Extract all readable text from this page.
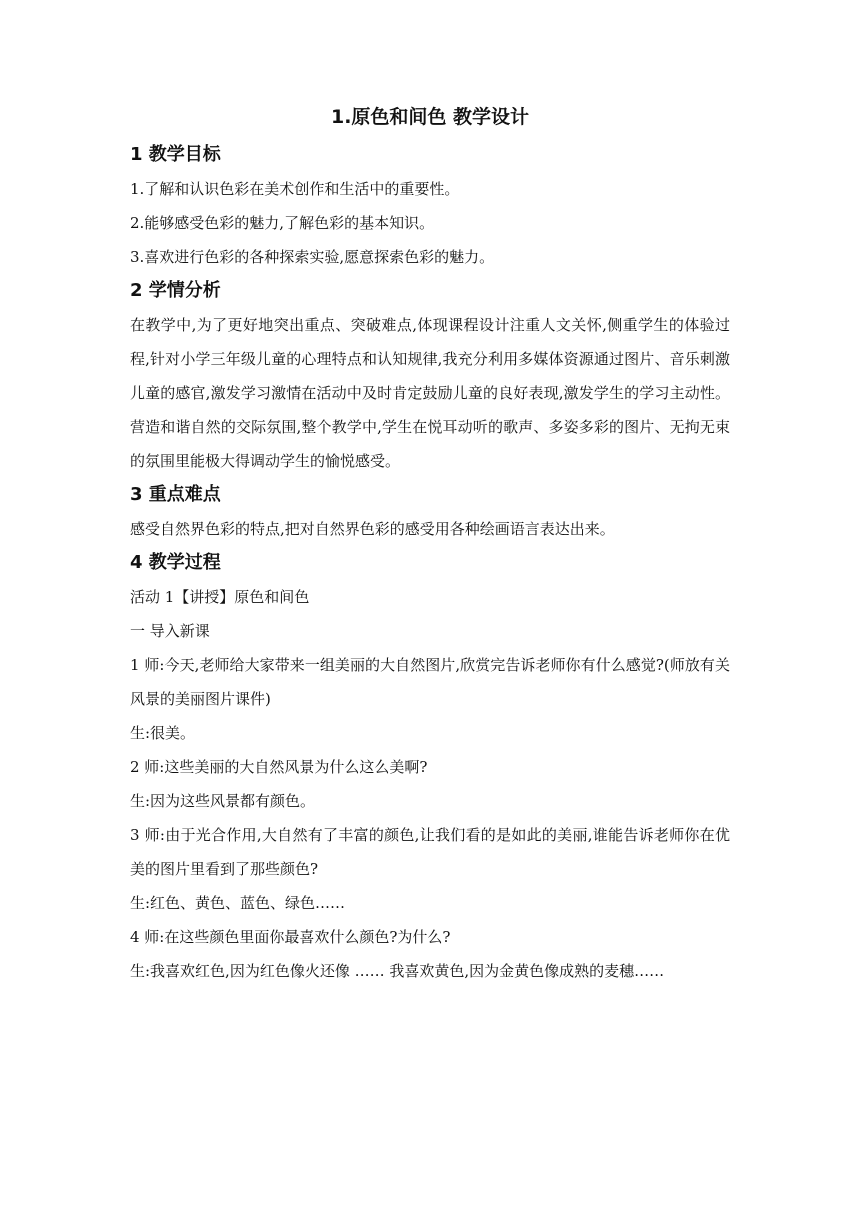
1.原色和间色 教学设计
1 教学目标
1.了解和认识色彩在美术创作和生活中的重要性。
2.能够感受色彩的魅力,了解色彩的基本知识。
3.喜欢进行色彩的各种探索实验,愿意探索色彩的魅力。
2 学情分析
在教学中,为了更好地突出重点、突破难点,体现课程设计注重人文关怀,侧重学生的体验过程,针对小学三年级儿童的心理特点和认知规律,我充分利用多媒体资源通过图片、音乐刺激儿童的感官,激发学习激情在活动中及时肯定鼓励儿童的良好表现,激发学生的学习主动性。营造和谐自然的交际氛围,整个教学中,学生在悦耳动听的歌声、多姿多彩的图片、无拘无束的氛围里能极大得调动学生的愉悦感受。
3 重点难点
感受自然界色彩的特点,把对自然界色彩的感受用各种绘画语言表达出来。
4 教学过程
活动 1【讲授】原色和间色
一 导入新课
1 师:今天,老师给大家带来一组美丽的大自然图片,欣赏完告诉老师你有什么感觉?(师放有关风景的美丽图片课件)
生:很美。
2 师:这些美丽的大自然风景为什么这么美啊?
生:因为这些风景都有颜色。
3 师:由于光合作用,大自然有了丰富的颜色,让我们看的是如此的美丽,谁能告诉老师你在优美的图片里看到了那些颜色?
生:红色、黄色、蓝色、绿色……
4 师:在这些颜色里面你最喜欢什么颜色?为什么?
生:我喜欢红色,因为红色像火还像 …… 我喜欢黄色,因为金黄色像成熟的麦穗……
